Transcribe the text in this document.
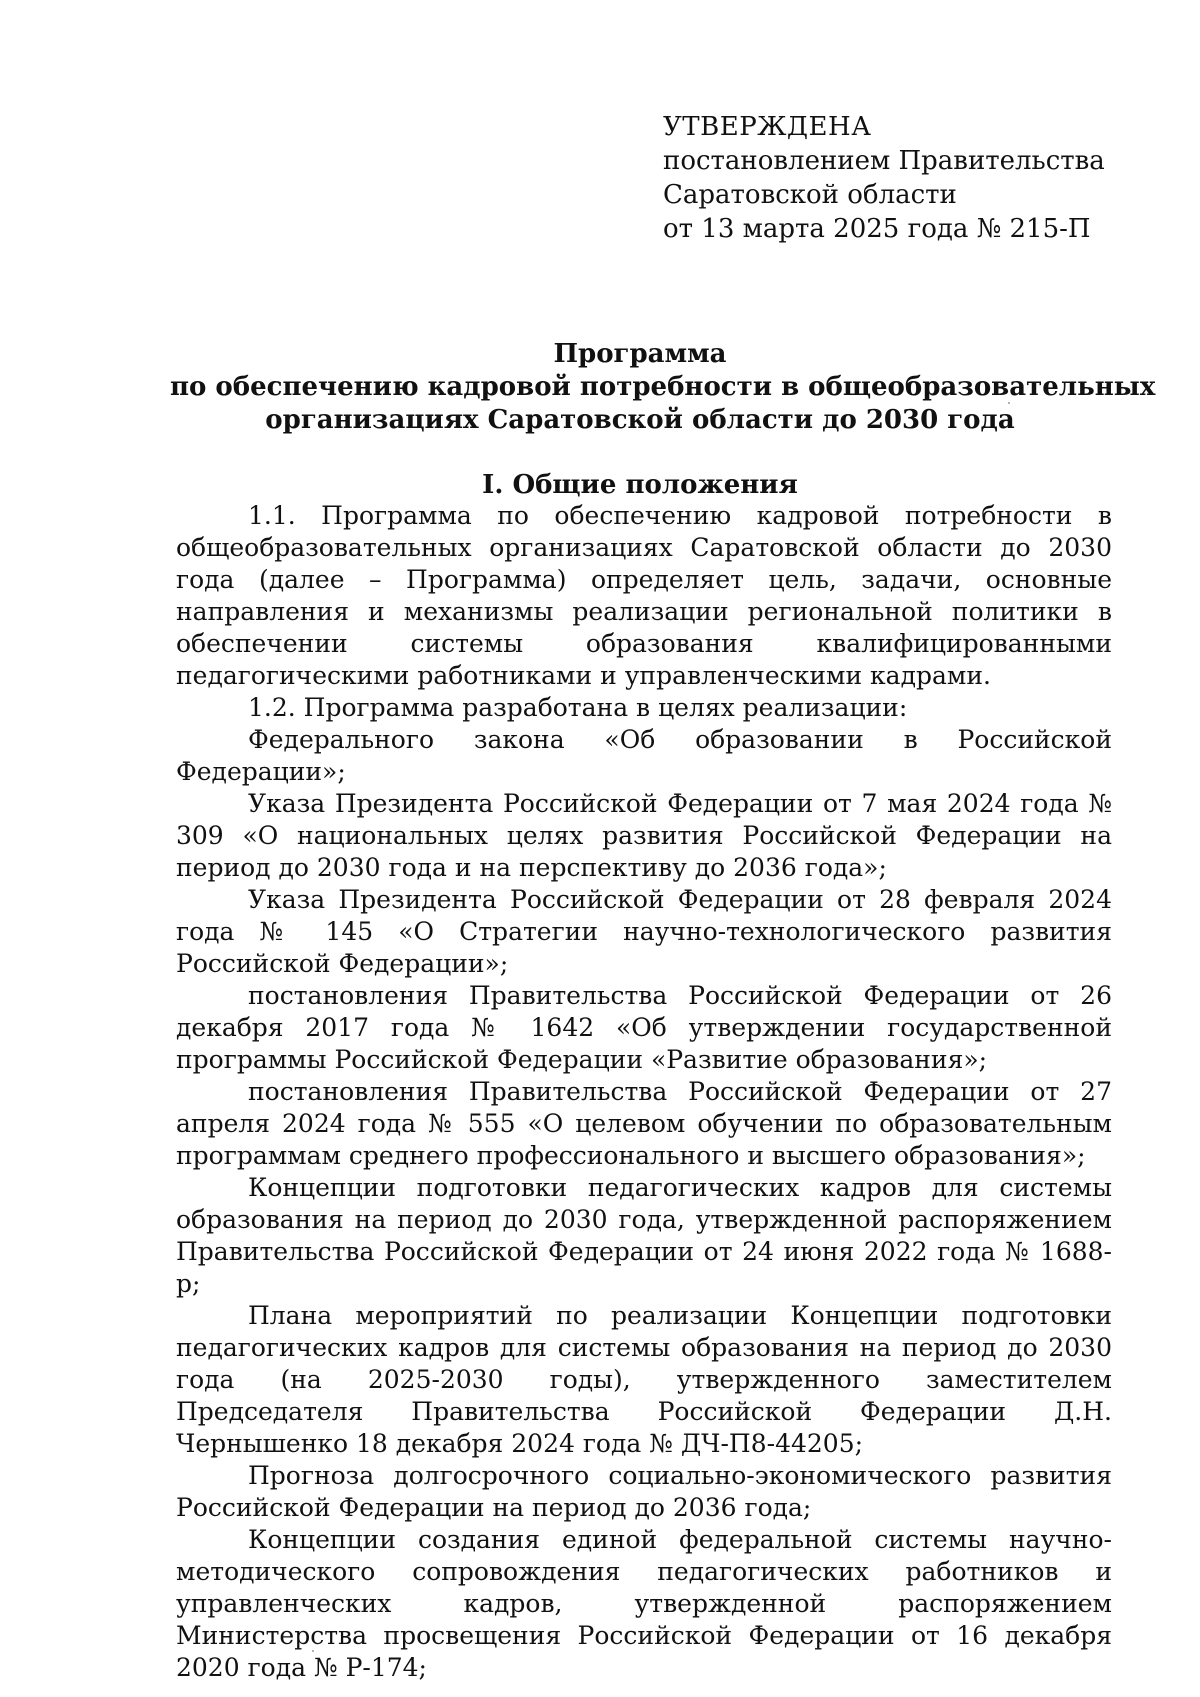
УТВЕРЖДЕНА
постановлением Правительства
Саратовской области
от 13 марта 2025 года № 215-П
Программа
по обеспечению кадровой потребности в общеобразовательных
организациях Саратовской области до 2030 года
I. Общие положения

1.1. Программа по обеспечению кадровой потребности в общеобразовательных организациях Саратовской области до 2030 года (далее – Программа) определяет цель, задачи, основные направления и механизмы реализации региональной политики в обеспечении системы образования квалифицированными педагогическими работниками и управленческими кадрами.

1.2. Программа разработана в целях реализации:

Федерального закона «Об образовании в Российской Федерации»;

Указа Президента Российской Федерации от 7 мая 2024 года № 309 «О национальных целях развития Российской Федерации на период до 2030 года и на перспективу до 2036 года»;

Указа Президента Российской Федерации от 28 февраля 2024 года № 145 «О Стратегии научно-технологического развития Российской Федерации»;

постановления Правительства Российской Федерации от 26 декабря 2017 года № 1642 «Об утверждении государственной программы Российской Федерации «Развитие образования»;

постановления Правительства Российской Федерации от 27 апреля 2024 года № 555 «О целевом обучении по образовательным программам среднего профессионального и высшего образования»;

Концепции подготовки педагогических кадров для системы образования на период до 2030 года, утвержденной распоряжением Правительства Российской Федерации от 24 июня 2022 года № 1688-р;

Плана мероприятий по реализации Концепции подготовки педагогических кадров для системы образования на период до 2030 года (на 2025-2030 годы), утвержденного заместителем Председателя Правительства Российской Федерации Д.Н. Чернышенко 18 декабря 2024 года № ДЧ-П8-44205;

Прогноза долгосрочного социально-экономического развития Российской Федерации на период до 2036 года;

Концепции создания единой федеральной системы научно-методического сопровождения педагогических работников и управленческих кадров, утвержденной распоряжением Министерства просвещения Российской Федерации от 16 декабря 2020 года № Р-174;
